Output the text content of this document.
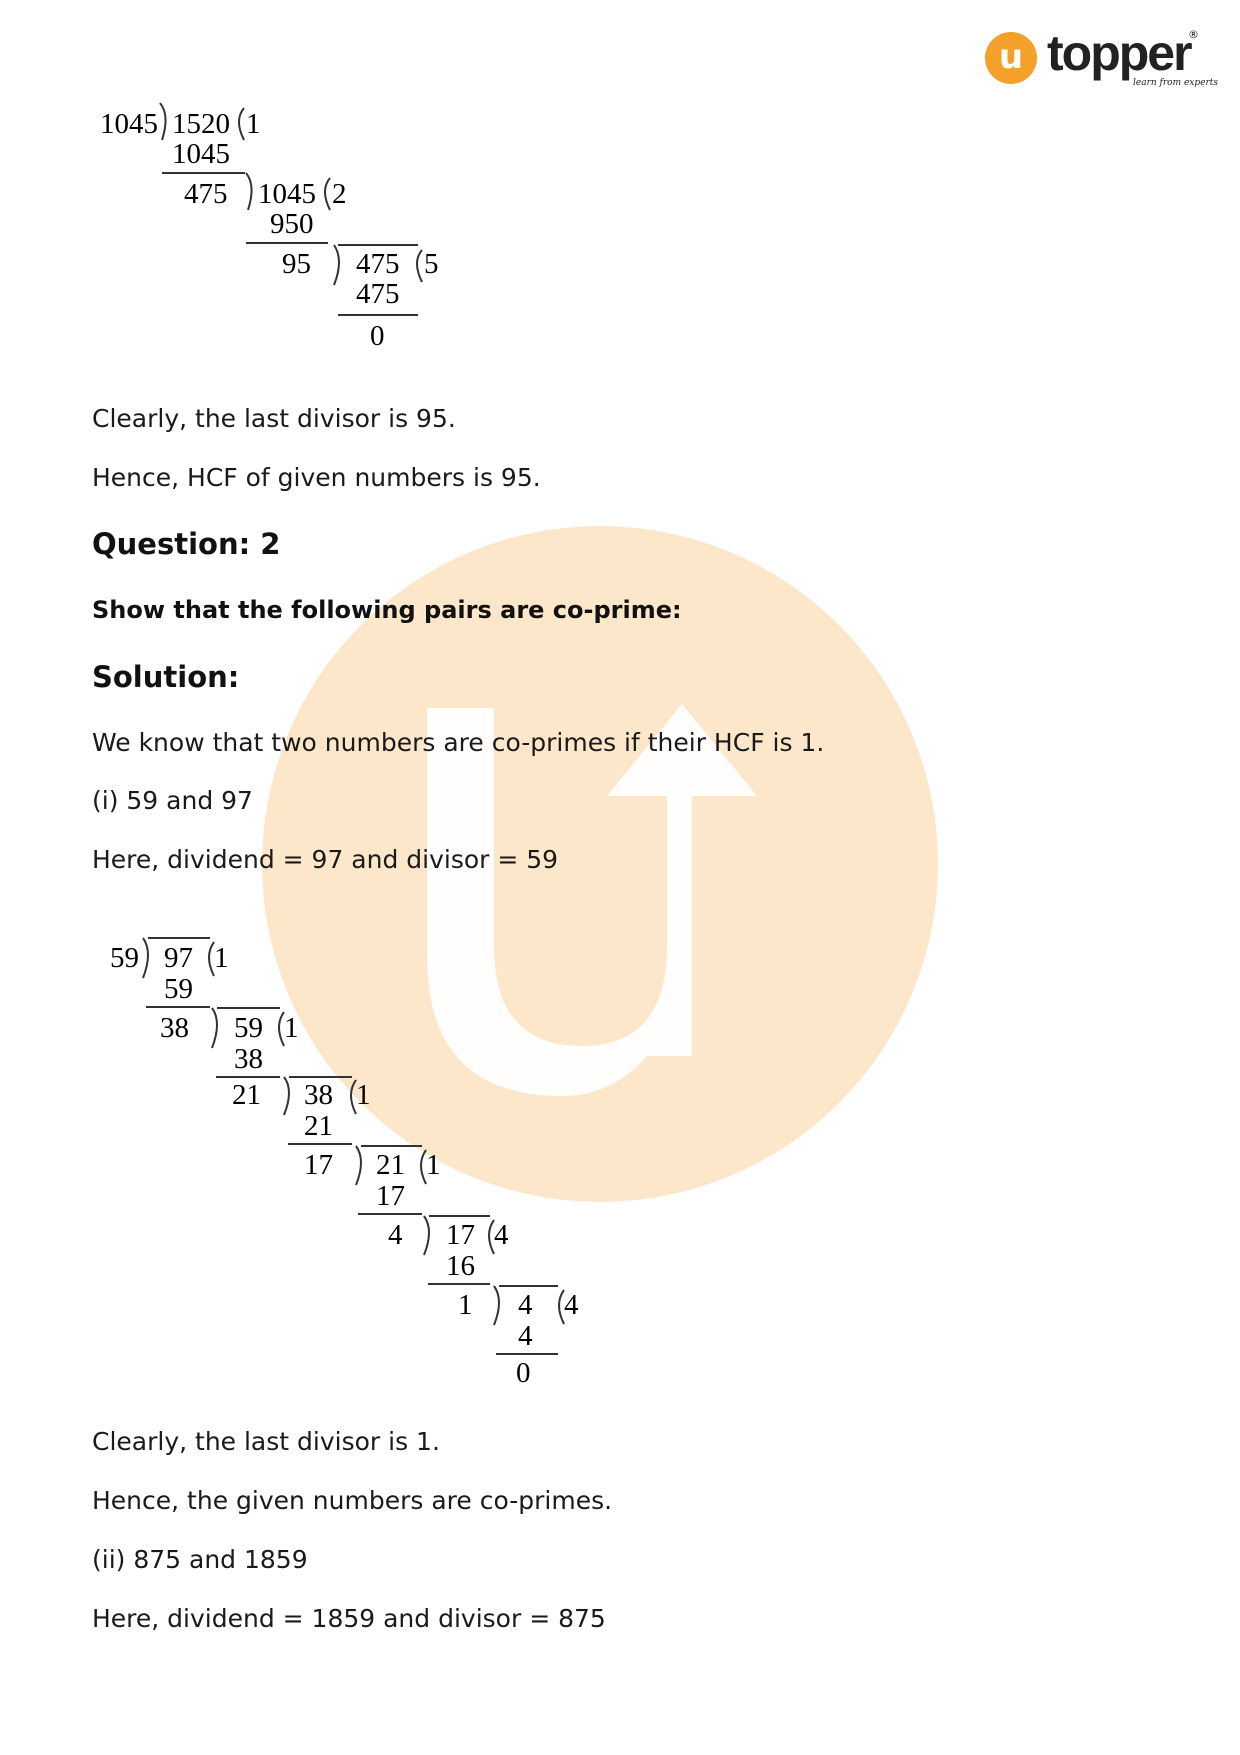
u topper
learn from experts
®
1045 1520 1
1045
475 1045 2
950
95 475 5
475
0

Clearly, the last divisor is 95.

Hence, HCF of given numbers is 95.

Question: 2

Show that the following pairs are co-prime:

Solution:

We know that two numbers are co-primes if their HCF is 1.

(i) 59 and 97

Here, dividend = 97 and divisor = 59

59 97 1
59
38 59 1
38
21 38 1
21
17 21 1
17
4 17 4
16
1 4 4
4
0

Clearly, the last divisor is 1.

Hence, the given numbers are co-primes.

(ii) 875 and 1859

Here, dividend = 1859 and divisor = 875
